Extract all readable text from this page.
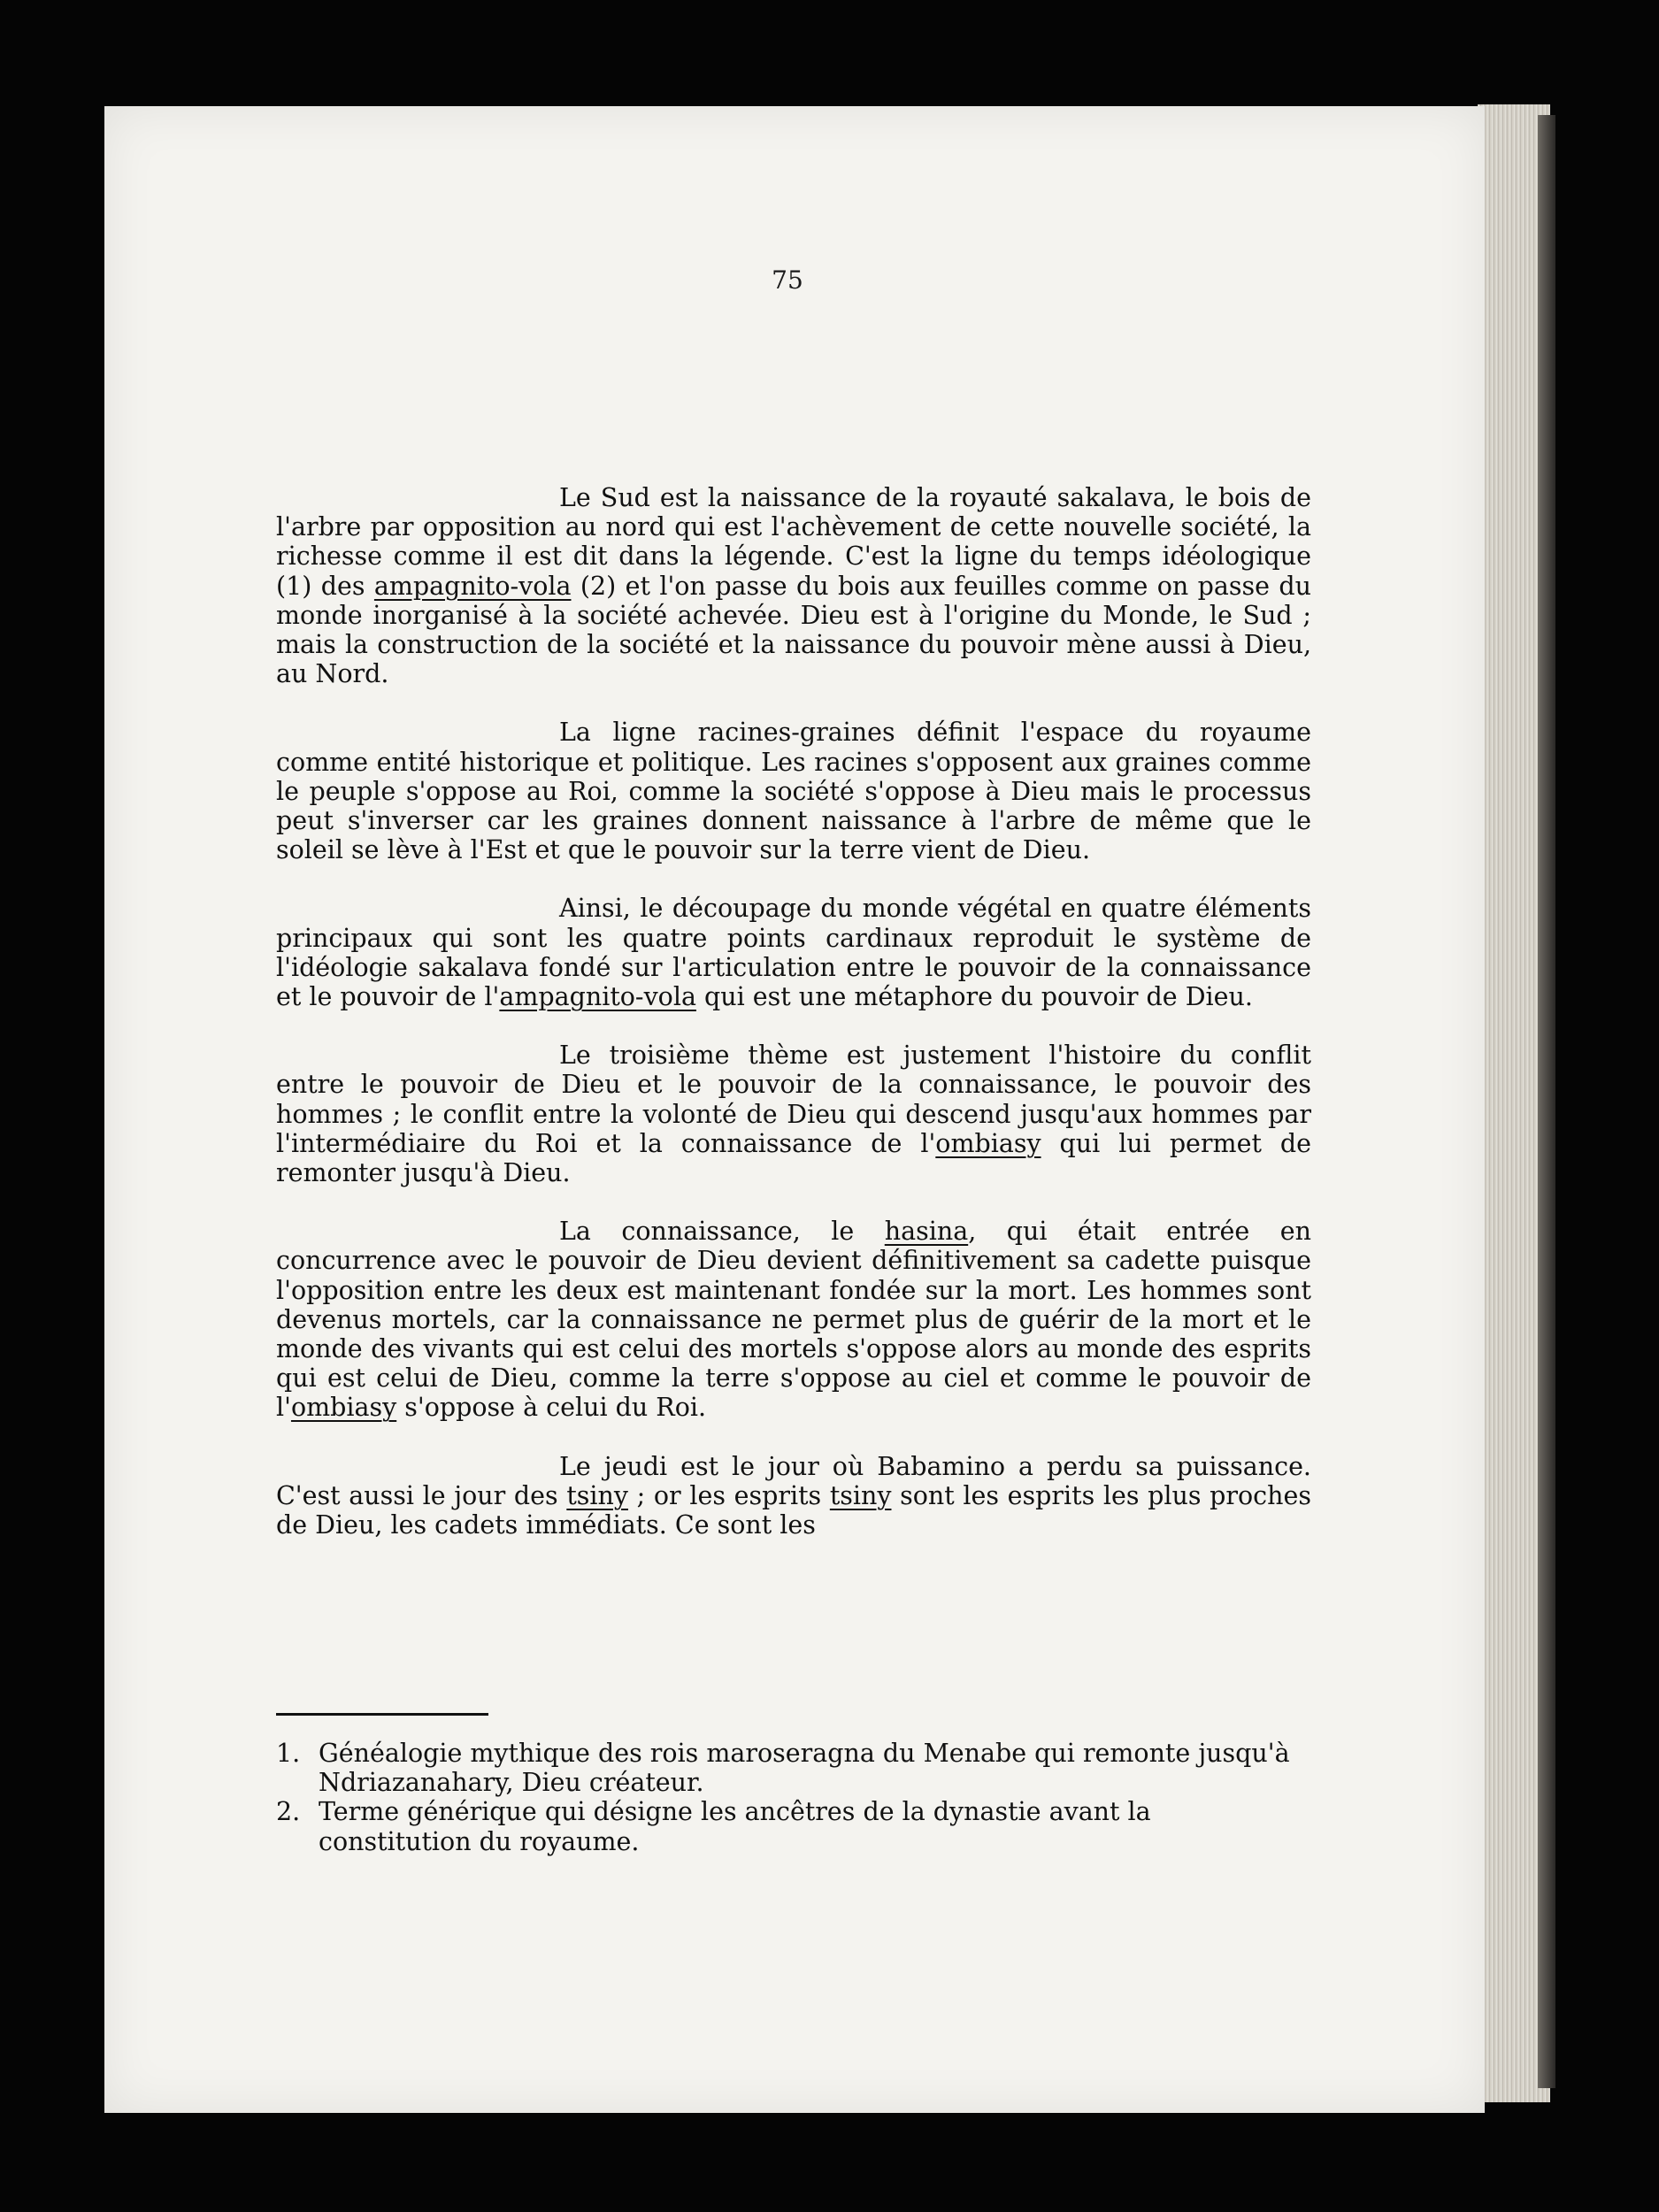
75

Le Sud est la naissance de la royauté sakalava, le bois de l'arbre par opposition au nord qui est l'achèvement de cette nouvelle société, la richesse comme il est dit dans la légende. C'est la ligne du temps idéologique (1) des ampagnito-vola (2) et l'on passe du bois aux feuilles comme on passe du monde inorganisé à la société achevée. Dieu est à l'origine du Monde, le Sud ; mais la construction de la société et la naissance du pouvoir mène aussi à Dieu, au Nord.

La ligne racines-graines définit l'espace du royaume comme entité historique et politique. Les racines s'opposent aux graines comme le peuple s'oppose au Roi, comme la société s'oppose à Dieu mais le processus peut s'inverser car les graines donnent naissance à l'arbre de même que le soleil se lève à l'Est et que le pouvoir sur la terre vient de Dieu.

Ainsi, le découpage du monde végétal en quatre éléments principaux qui sont les quatre points cardinaux reproduit le système de l'idéologie sakalava fondé sur l'articulation entre le pouvoir de la connaissance et le pouvoir de l'ampagnito-vola qui est une métaphore du pouvoir de Dieu.

Le troisième thème est justement l'histoire du conflit entre le pouvoir de Dieu et le pouvoir de la connaissance, le pouvoir des hommes ; le conflit entre la volonté de Dieu qui descend jusqu'aux hommes par l'intermédiaire du Roi et la connaissance de l'ombiasy qui lui permet de remonter jusqu'à Dieu.

La connaissance, le hasina, qui était entrée en concurrence avec le pouvoir de Dieu devient définitivement sa cadette puisque l'opposition entre les deux est maintenant fondée sur la mort. Les hommes sont devenus mortels, car la connaissance ne permet plus de guérir de la mort et le monde des vivants qui est celui des mortels s'oppose alors au monde des esprits qui est celui de Dieu, comme la terre s'oppose au ciel et comme le pouvoir de l'ombiasy s'oppose à celui du Roi.

Le jeudi est le jour où Babamino a perdu sa puissance. C'est aussi le jour des tsiny ; or les esprits tsiny sont les esprits les plus proches de Dieu, les cadets immédiats. Ce sont les

1. Généalogie mythique des rois maroseragna du Menabe qui remonte jusqu'à Ndriazanahary, Dieu créateur.
2. Terme générique qui désigne les ancêtres de la dynastie avant la constitution du royaume.
